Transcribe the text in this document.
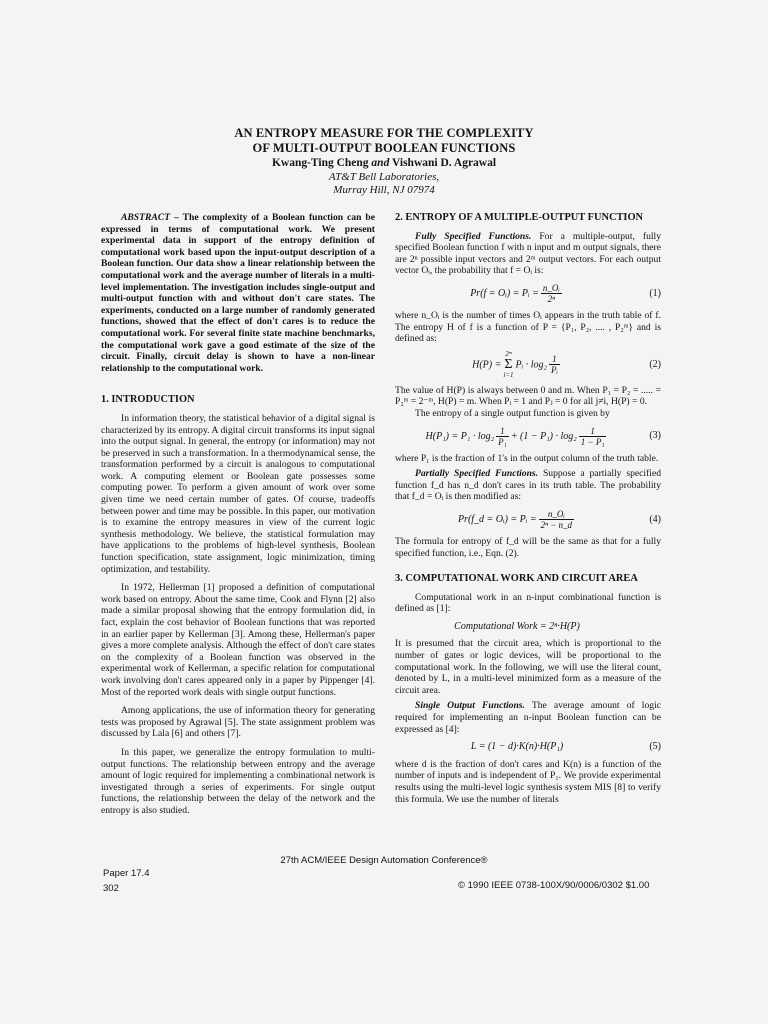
AN ENTROPY MEASURE FOR THE COMPLEXITY
OF MULTI-OUTPUT BOOLEAN FUNCTIONS
Kwang-Ting Cheng and Vishwani D. Agrawal
AT&T Bell Laboratories,
Murray Hill, NJ 07974

ABSTRACT – The complexity of a Boolean function can be expressed in terms of computational work. We present experimental data in support of the entropy definition of computational work based upon the input-output description of a Boolean function. Our data show a linear relationship between the computational work and the average number of literals in a multi-level implementation. The investigation includes single-output and multi-output function with and without don't care states. The experiments, conducted on a large number of randomly generated functions, showed that the effect of don't cares is to reduce the computational work. For several finite state machine benchmarks, the computational work gave a good estimate of the size of the circuit. Finally, circuit delay is shown to have a non-linear relationship to the computational work.

1. INTRODUCTION

In information theory, the statistical behavior of a digital signal is characterized by its entropy. A digital circuit transforms its input signal into the output signal. In general, the entropy (or information) may not be preserved in such a transformation. In a thermodynamical sense, the transformation performed by a circuit is analogous to computational work. A computing element or Boolean gate possesses some computing power. To perform a given amount of work over some given time we need certain number of gates. Of course, tradeoffs between power and time may be possible. In this paper, our motivation is to examine the entropy measures in view of the current logic synthesis methodology. We believe, the statistical formulation may have applications to the problems of high-level synthesis, Boolean function specification, state assignment, logic minimization, timing optimization, and testability.

In 1972, Hellerman [1] proposed a definition of computational work based on entropy. About the same time, Cook and Flynn [2] also made a similar proposal showing that the entropy formulation did, in fact, explain the cost behavior of Boolean functions that was reported in an earlier paper by Kellerman [3]. Among these, Hellerman's paper gives a more complete analysis. Although the effect of don't care states on the complexity of a Boolean function was observed in the experimental work of Kellerman, a specific relation for computational work involving don't cares appeared only in a paper by Pippenger [4]. Most of the reported work deals with single output functions.

Among applications, the use of information theory for generating tests was proposed by Agrawal [5]. The state assignment problem was discussed by Lala [6] and others [7].

In this paper, we generalize the entropy formulation to multi-output functions. The relationship between entropy and the average amount of logic required for implementing a combinational network is investigated through a series of experiments. For single output functions, the relationship between the delay of the network and the entropy is also studied.

2. ENTROPY OF A MULTIPLE-OUTPUT FUNCTION

Fully Specified Functions. For a multiple-output, fully specified Boolean function f with n input and m output signals, there are 2ⁿ possible input vectors and 2ᵐ output vectors. For each output vector Oᵢ, the probability that f = Oᵢ is:

Pr(f = Oᵢ) = Pᵢ = $\frac{\text{n\_Oᵢ}}{\text{2ⁿ}}$	(1)

where n_Oᵢ is the number of times Oᵢ appears in the truth table of f. The entropy H of f is a function of P = {P₁, P₂, .... , P₂ᵐ} and is defined as:

H(P) =
2ᵐ
Σ
i=1
Pᵢ · $\log_2 \frac{1}{\text{Pᵢ}}$	(2)

The value of H(P) is always between 0 and m. When P₁ = P₂ = ..... = P₂ᵐ = 2⁻ᵐ, H(P) = m. When Pᵢ = 1 and Pⱼ = 0 for all j≠i, H(P) = 0.

The entropy of a single output function is given by

$H(P_1) = P_1 \cdot \log_2 \frac{1}{\text{P₁}} + (1 - P_1) \cdot \log_2 \frac{1}{\text{1 − P₁}}$	(3)

where P₁ is the fraction of 1's in the output column of the truth table.

Partially Specified Functions. Suppose a partially specified function f_d has n_d don't cares in its truth table. The probability that f_d = Oᵢ is then modified as:

Pr(f_d = Oᵢ) = Pᵢ = $\frac{\text{n\_Oᵢ}}{\text{2ⁿ − n\_d}}$	(4)

The formula for entropy of f_d will be the same as that for a fully specified function, i.e., Eqn. (2).

3. COMPUTATIONAL WORK AND CIRCUIT AREA

Computational work in an n-input combinational function is defined as [1]:

Computational Work = 2ⁿ·H(P)

It is presumed that the circuit area, which is proportional to the number of gates or logic devices, will be proportional to the computational work. In the following, we will use the literal count, denoted by L, in a multi-level minimized form as a measure of the circuit area.

Single Output Functions. The average amount of logic required for implementing an n-input Boolean function can be expressed as [4]:

L = (1 − d)·K(n)·H(P₁)	(5)

where d is the fraction of don't cares and K(n) is a function of the number of inputs and is independent of P₁. We provide experimental results using the multi-level logic synthesis system MIS [8] to verify this formula. We use the number of literals

27th ACM/IEEE Design Automation Conference®
Paper 17.4
302	© 1990 IEEE 0738-100X/90/0006/0302 $1.00
